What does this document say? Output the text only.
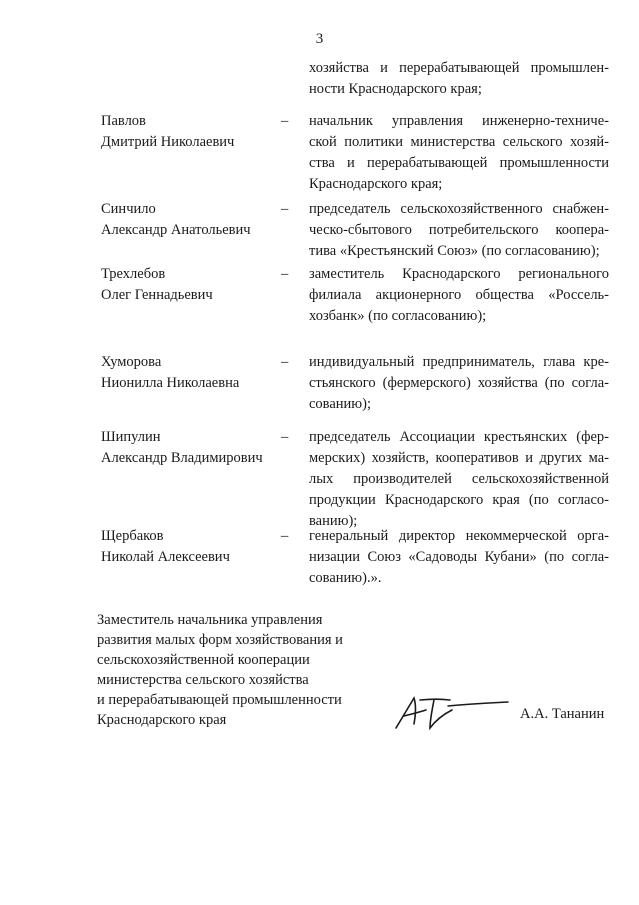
3
хозяйства и перерабатывающей промышлен-
ности Краснодарского края;
Павлов
Дмитрий Николаевич
– начальник управления инженерно-техниче-
ской политики министерства сельского хозяй-
ства и перерабатывающей промышленности
Краснодарского края;
Синчило
Александр Анатольевич
– председатель сельскохозяйственного снабжен-
ческо-сбытового потребительского коопера-
тива «Крестьянский Союз» (по согласованию);
Трехлебов
Олег Геннадьевич
– заместитель Краснодарского регионального
филиала акционерного общества «Россель-
хозбанк» (по согласованию);
Хуморова
Нионилла Николаевна
– индивидуальный предприниматель, глава кре-
стьянского (фермерского) хозяйства (по согла-
сованию);
Шипулин
Александр Владимирович
– председатель Ассоциации крестьянских (фер-
мерских) хозяйств, кооперативов и других ма-
лых производителей сельскохозяйственной
продукции Краснодарского края (по согласо-
ванию);
Щербаков
Николай Алексеевич
– генеральный директор некоммерческой орга-
низации Союз «Садоводы Кубани» (по согла-
сованию).».
Заместитель начальника управления
развития малых форм хозяйствования и
сельскохозяйственной кооперации
министерства сельского хозяйства
и перерабатывающей промышленности
Краснодарского края	А.А. Тананин
